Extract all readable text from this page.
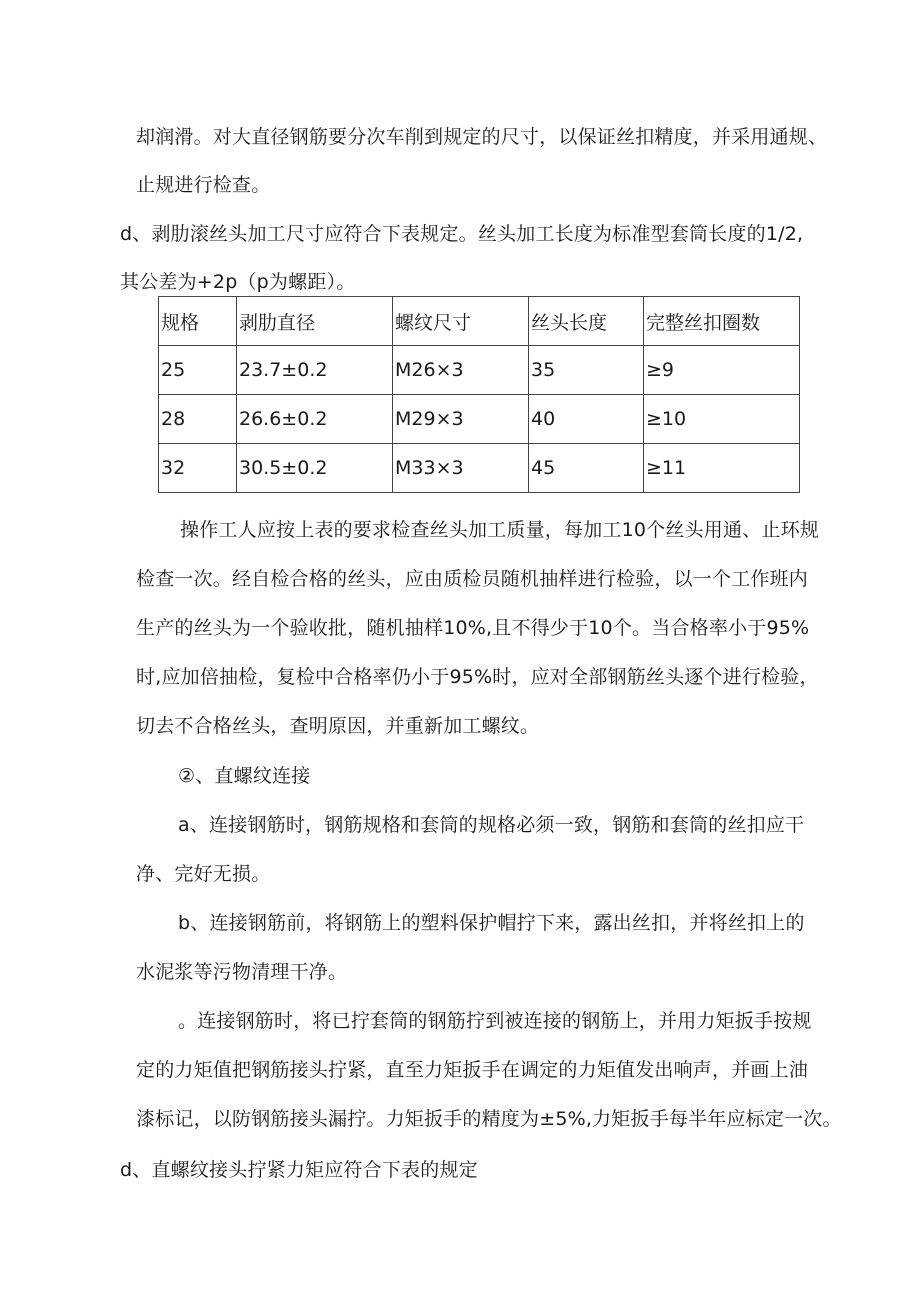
却润滑。对大直径钢筋要分次车削到规定的尺寸，以保证丝扣精度，并采用通规、
止规进行检查。
d、剥肋滚丝头加工尺寸应符合下表规定。丝头加工长度为标准型套筒长度的1/2,
其公差为+2p（p为螺距）。
规格	剥肋直径	螺纹尺寸	丝头长度	完整丝扣圈数
25	23.7±0.2	M26×3	35	≥9
28	26.6±0.2	M29×3	40	≥10
32	30.5±0.2	M33×3	45	≥11
操作工人应按上表的要求检查丝头加工质量，每加工10个丝头用通、止环规
检查一次。经自检合格的丝头，应由质检员随机抽样进行检验，以一个工作班内
生产的丝头为一个验收批，随机抽样10%,且不得少于10个。当合格率小于95%
时,应加倍抽检，复检中合格率仍小于95%时，应对全部钢筋丝头逐个进行检验，
切去不合格丝头，查明原因，并重新加工螺纹。
②、直螺纹连接
a、连接钢筋时，钢筋规格和套筒的规格必须一致，钢筋和套筒的丝扣应干
净、完好无损。
b、连接钢筋前，将钢筋上的塑料保护帽拧下来，露出丝扣，并将丝扣上的
水泥浆等污物清理干净。
。连接钢筋时，将已拧套筒的钢筋拧到被连接的钢筋上，并用力矩扳手按规
定的力矩值把钢筋接头拧紧，直至力矩扳手在调定的力矩值发出响声，并画上油
漆标记，以防钢筋接头漏拧。力矩扳手的精度为±5%,力矩扳手每半年应标定一次。
d、直螺纹接头拧紧力矩应符合下表的规定
